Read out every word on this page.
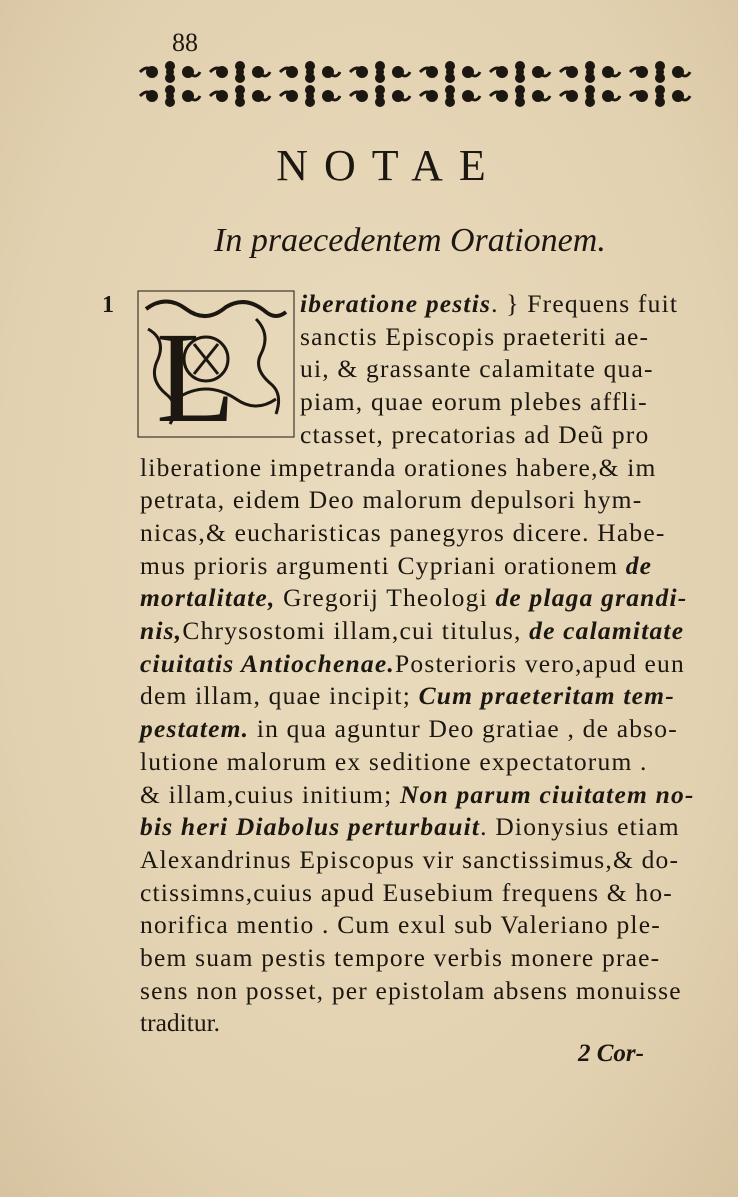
88
NOTAE
In praecedentem Orationem.
1
L
iberatione pestis. } Frequens fuit
sanctis Episcopis praeteriti ae-
ui, & grassante calamitate qua-
piam, quae eorum plebes affli-
ctasset, precatorias ad Deũ pro
liberatione impetranda orationes habere,& im
petrata, eidem Deo malorum depulsori hym-
nicas,& eucharisticas panegyros dicere. Habe-
mus prioris argumenti Cypriani orationem de
mortalitate, Gregorij Theologi de plaga grandi-
nis,Chrysostomi illam,cui titulus, de calamitate
ciuitatis Antiochenae.Posterioris vero,apud eun
dem illam, quae incipit; Cum praeteritam tem-
pestatem. in qua aguntur Deo gratiae , de abso-
lutione malorum ex seditione expectatorum .
& illam,cuius initium; Non parum ciuitatem no-
bis heri Diabolus perturbauit. Dionysius etiam
Alexandrinus Episcopus vir sanctissimus,& do-
ctissimns,cuius apud Eusebium frequens & ho-
norifica mentio . Cum exul sub Valeriano ple-
bem suam pestis tempore verbis monere prae-
sens non posset, per epistolam absens monuisse
traditur.
2 Cor-
